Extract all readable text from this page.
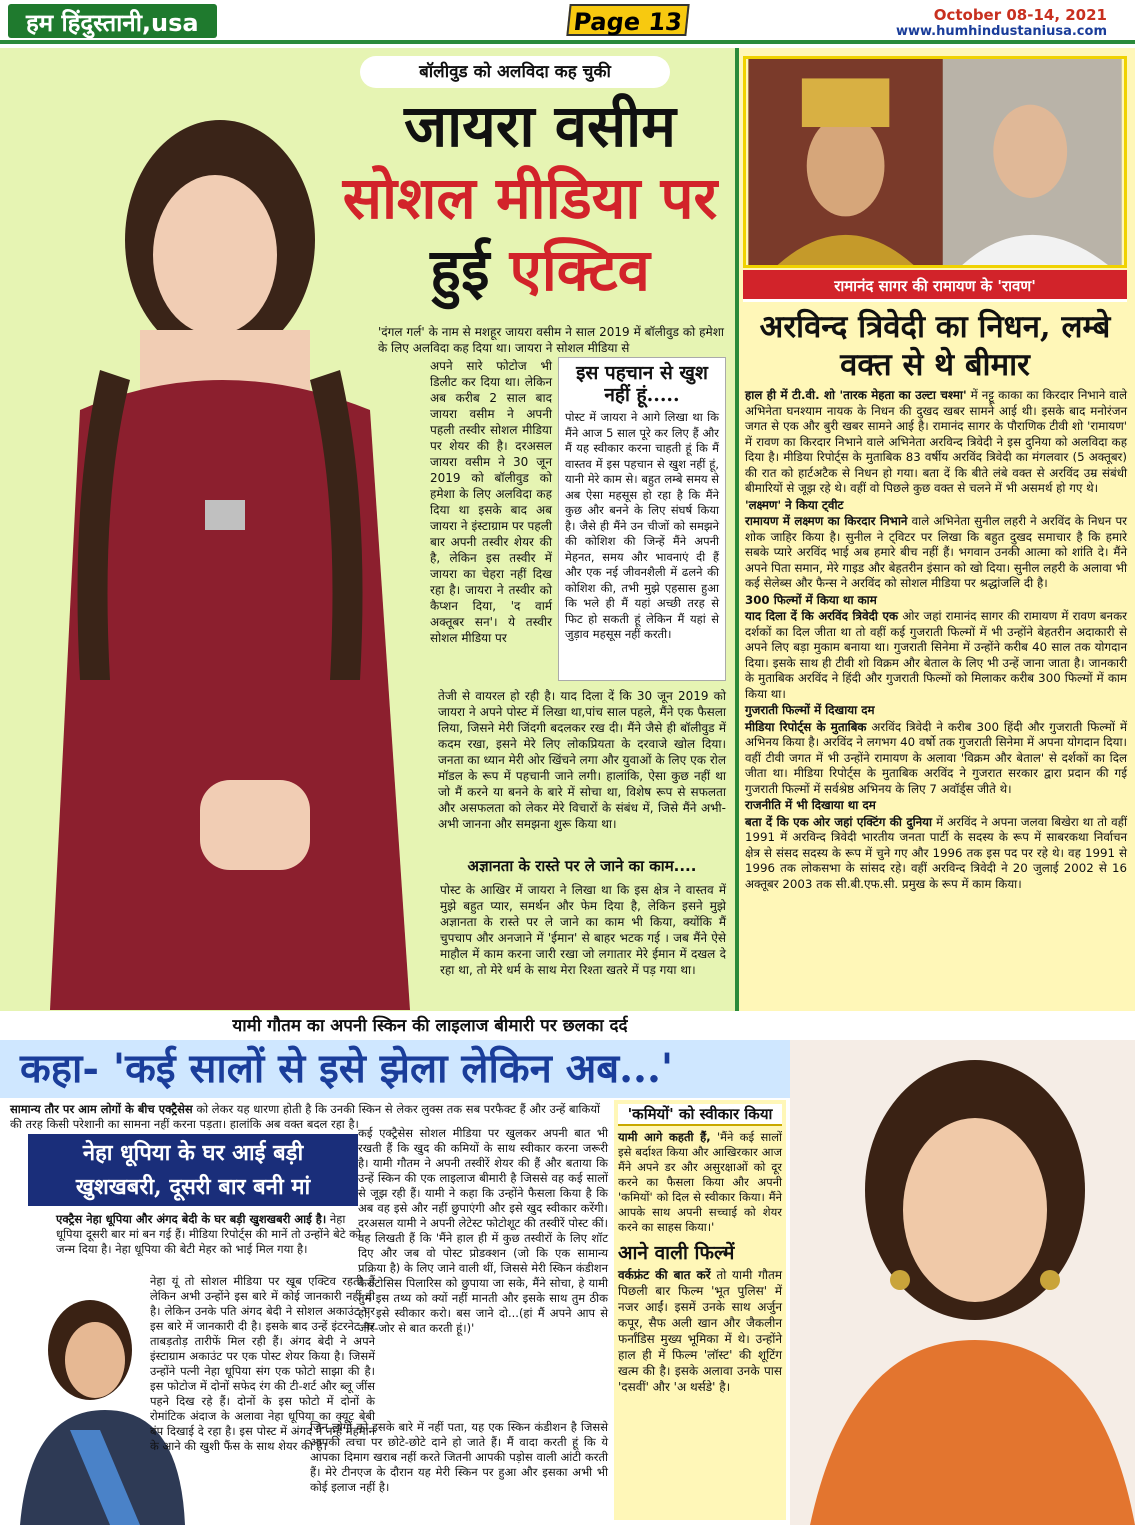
हम हिंदुस्तानी,usa	Page 13	October 08-14, 2021
www.humhindustaniusa.com
बॉलीवुड को अलविदा कह चुकी
जायरा वसीम
सोशल मीडिया पर
हुई एक्टिव
'दंगल गर्ल' के नाम से मशहूर जायरा वसीम ने साल 2019 में बॉलीवुड को हमेशा के लिए अलविदा कह दिया था। जायरा ने सोशल मीडिया से
अपने सारे फोटोज भी डिलीट कर दिया था। लेकिन अब करीब 2 साल बाद जायरा वसीम ने अपनी पहली तस्वीर सोशल मीडिया पर शेयर की है। दरअसल जायरा वसीम ने 30 जून 2019 को बॉलीवुड को हमेशा के लिए अलविदा कह दिया था इसके बाद अब जायरा ने इंस्टाग्राम पर पहली बार अपनी तस्वीर शेयर की है, लेकिन इस तस्वीर में जायरा का चेहरा नहीं दिख रहा है। जायरा ने तस्वीर को कैप्शन दिया, 'द वार्म अक्तूबर सन'। ये तस्वीर सोशल मीडिया पर
इस पहचान से खुश नहीं हूं.....
पोस्ट में जायरा ने आगे लिखा था कि मैंने आज 5 साल पूरे कर लिए हैं और मैं यह स्वीकार करना चाहती हूं कि मैं वास्तव में इस पहचान से खुश नहीं हूं, यानी मेरे काम से। बहुत लम्बे समय से अब ऐसा महसूस हो रहा है कि मैंने कुछ और बनने के लिए संघर्ष किया है। जैसे ही मैंने उन चीजों को समझने की कोशिश की जिन्हें मैंने अपनी मेहनत, समय और भावनाएं दी हैं और एक नई जीवनशैली में ढलने की कोशिश की, तभी मुझे एहसास हुआ कि भले ही मैं यहां अच्छी तरह से फिट हो सकती हूं लेकिन मैं यहां से जुड़ाव महसूस नहीं करती।
तेजी से वायरल हो रही है। याद दिला दें कि 30 जून 2019 को जायरा ने अपने पोस्ट में लिखा था,पांच साल पहले, मैंने एक फैसला लिया, जिसने मेरी जिंदगी बदलकर रख दी। मैंने जैसे ही बॉलीवुड में कदम रखा, इसने मेरे लिए लोकप्रियता के दरवाजे खोल दिया। जनता का ध्यान मेरी ओर खिंचने लगा और युवाओं के लिए एक रोल मॉडल के रूप में पहचानी जाने लगी। हालांकि, ऐसा कुछ नहीं था जो मैं करने या बनने के बारे में सोचा था, विशेष रूप से सफलता और असफलता को लेकर मेरे विचारों के संबंध में, जिसे मैंने अभी-अभी जानना और समझना शुरू किया था।
अज्ञानता के रास्ते पर ले जाने का काम....
पोस्ट के आखिर में जायरा ने लिखा था कि इस क्षेत्र ने वास्तव में मुझे बहुत प्यार, समर्थन और फेम दिया है, लेकिन इसने मुझे अज्ञानता के रास्ते पर ले जाने का काम भी किया, क्योंकि मैं चुपचाप और अनजाने में 'ईमान' से बाहर भटक गई । जब मैंने ऐसे माहौल में काम करना जारी रखा जो लगातार मेरे ईमान में दखल दे रहा था, तो मेरे धर्म के साथ मेरा रिश्ता खतरे में पड़ गया था।
रामानंद सागर की रामायण के 'रावण'
अरविन्द त्रिवेदी का निधन, लम्बे वक्त से थे बीमार

हाल ही में टी.वी. शो 'तारक मेहता का उल्टा चश्मा' में नट्टू काका का किरदार निभाने वाले अभिनेता घनश्याम नायक के निधन की दुखद खबर सामने आई थी। इसके बाद मनोरंजन जगत से एक और बुरी खबर सामने आई है। रामानंद सागर के पौराणिक टीवी शो 'रामायण' में रावण का किरदार निभाने वाले अभिनेता अरविन्द त्रिवेदी ने इस दुनिया को अलविदा कह दिया है। मीडिया रिपोर्ट्स के मुताबिक 83 वर्षीय अरविंद त्रिवेदी का मंगलवार (5 अक्तूबर) की रात को हार्टअटैक से निधन हो गया। बता दें कि बीते लंबे वक्त से अरविंद उम्र संबंधी बीमारियों से जूझ रहे थे। वहीं वो पिछले कुछ वक्त से चलने में भी असमर्थ हो गए थे।

'लक्ष्मण' ने किया ट्वीट

रामायण में लक्ष्मण का किरदार निभाने वाले अभिनेता सुनील लहरी ने अरविंद के निधन पर शोक जाहिर किया है। सुनील ने ट्विटर पर लिखा कि बहुत दुखद समाचार है कि हमारे सबके प्यारे अरविंद भाई अब हमारे बीच नहीं हैं। भगवान उनकी आत्मा को शांति दे। मैंने अपने पिता समान, मेरे गाइड और बेहतरीन इंसान को खो दिया। सुनील लहरी के अलावा भी कई सेलेब्स और फैन्स ने अरविंद को सोशल मीडिया पर श्रद्धांजलि दी है।

300 फिल्मों में किया था काम

याद दिला दें कि अरविंद त्रिवेदी एक ओर जहां रामानंद सागर की रामायण में रावण बनकर दर्शकों का दिल जीता था तो वहीं कई गुजराती फिल्मों में भी उन्होंने बेहतरीन अदाकारी से अपने लिए बड़ा मुकाम बनाया था। गुजराती सिनेमा में उन्होंने करीब 40 साल तक योगदान दिया। इसके साथ ही टीवी शो विक्रम और बेताल के लिए भी उन्हें जाना जाता है। जानकारी के मुताबिक अरविंद ने हिंदी और गुजराती फिल्मों को मिलाकर करीब 300 फिल्मों में काम किया था।

गुजराती फिल्मों में दिखाया दम

मीडिया रिपोर्ट्स के मुताबिक अरविंद त्रिवेदी ने करीब 300 हिंदी और गुजराती फिल्मों में अभिनय किया है। अरविंद ने लगभग 40 वर्षो तक गुजराती सिनेमा में अपना योगदान दिया। वहीं टीवी जगत में भी उन्होंने रामायण के अलावा 'विक्रम और बेताल' से दर्शकों का दिल जीता था। मीडिया रिपोर्ट्स के मुताबिक अरविंद ने गुजरात सरकार द्वारा प्रदान की गई गुजराती फिल्मों में सर्वश्रेष्ठ अभिनय के लिए 7 अवॉर्ड्स जीते थे।

राजनीति में भी दिखाया था दम

बता दें कि एक ओर जहां एक्टिंग की दुनिया में अरविंद ने अपना जलवा बिखेरा था तो वहीं 1991 में अरविन्द त्रिवेदी भारतीय जनता पार्टी के सदस्य के रूप में साबरकथा निर्वाचन क्षेत्र से संसद सदस्य के रूप में चुने गए और 1996 तक इस पद पर रहे थे। वह 1991 से 1996 तक लोकसभा के सांसद रहे। वहीं अरविन्द त्रिवेदी ने 20 जुलाई 2002 से 16 अक्तूबर 2003 तक सी.बी.एफ.सी. प्रमुख के रूप में काम किया।

यामी गौतम का अपनी स्किन की लाइलाज बीमारी पर छलका दर्द
कहा- 'कई सालों से इसे झेला लेकिन अब...'
सामान्य तौर पर आम लोगों के बीच एक्ट्रैसेस को लेकर यह धारणा होती है कि उनकी स्किन से लेकर लुक्स तक सब परफैक्ट हैं और उन्हें बाकियों की तरह किसी परेशानी का सामना नहीं करना पड़ता। हालांकि अब वक्त बदल रहा है।
नेहा धूपिया के घर आई बड़ी
खुशखबरी, दूसरी बार बनी मां
एक्ट्रैस नेहा धूपिया और अंगद बेदी के घर बड़ी खुशखबरी आई है। नेहा धूपिया दूसरी बार मां बन गई हैं। मीडिया रिपोर्ट्स की मानें तो उन्होंने बेटे को जन्म दिया है। नेहा धूपिया की बेटी मेहर को भाई मिल गया है।
नेहा यूं तो सोशल मीडिया पर खूब एक्टिव रहती हैं लेकिन अभी उन्होंने इस बारे में कोई जानकारी नहीं दी है। लेकिन उनके पति अंगद बेदी ने सोशल अकाउंट पर इस बारे में जानकारी दी है। इसके बाद उन्हें इंटरनेट पर ताबड़तोड़ तारीफें मिल रही हैं। अंगद बेदी ने अपने इंस्टाग्राम अकाउंट पर एक पोस्ट शेयर किया है। जिसमें उन्होंने पत्नी नेहा धूपिया संग एक फोटो साझा की है। इस फोटोज में दोनों सफेद रंग की टी-शर्ट और ब्लू जींस पहने दिख रहे हैं। दोनों के इस फोटो में दोनों के रोमांटिक अंदाज के अलावा नेहा धूपिया का क्यूट बेबी बंप दिखाई दे रहा है। इस पोस्ट में अंगद ने नन्हे मेहमान के आने की खुशी फैंस के साथ शेयर की है।
कई एक्ट्रैसेस सोशल मीडिया पर खुलकर अपनी बात भी रखती हैं कि खुद की कमियों के साथ स्वीकार करना जरूरी है। यामी गौतम ने अपनी तस्वीरें शेयर की हैं और बताया कि उन्हें स्किन की एक लाइलाज बीमारी है जिससे वह कई सालों से जूझ रही हैं। यामी ने कहा कि उन्होंने फैसला किया है कि अब वह इसे और नहीं छुपाएंगी और इसे खुद स्वीकार करेंगी। दरअसल यामी ने अपनी लेटेस्ट फोटोशूट की तस्वीरें पोस्ट कीं। वह लिखती हैं कि 'मैंने हाल ही में कुछ तस्वीरों के लिए शॉट दिए और जब वो पोस्ट प्रोडक्शन (जो कि एक सामान्य प्रक्रिया है) के लिए जाने वाली थीं, जिससे मेरी स्किन कंडीशन केराटोसिस पिलारिस को छुपाया जा सके, मैंने सोचा, हे यामी तुम इस तथ्य को क्यों नहीं मानती और इसके साथ तुम ठीक हो, इसे स्वीकार करो। बस जाने दो...(हां मैं अपने आप से जोर-जोर से बात करती हूं।)'
जिन लोगों को इसके बारे में नहीं पता, यह एक स्किन कंडीशन है जिससे आपकी त्वचा पर छोटे-छोटे दाने हो जाते हैं। मैं वादा करती हूं कि ये आपका दिमाग खराब नहीं करते जितनी आपकी पड़ोस वाली आंटी करती हैं। मेरे टीनएज के दौरान यह मेरी स्किन पर हुआ और इसका अभी भी कोई इलाज नहीं है।
'कमियों' को स्वीकार किया
यामी आगे कहती हैं, 'मैंने कई सालों इसे बर्दाश्त किया और आखिरकार आज मैंने अपने डर और असुरक्षाओं को दूर करने का फैसला किया और अपनी 'कमियों' को दिल से स्वीकार किया। मैंने आपके साथ अपनी सच्चाई को शेयर करने का साहस किया।'
आने वाली फिल्में
वर्कफ्रंट की बात करें तो यामी गौतम पिछली बार फिल्म 'भूत पुलिस' में नजर आईं। इसमें उनके साथ अर्जुन कपूर, सैफ अली खान और जैकलीन फर्नांडिस मुख्य भूमिका में थे। उन्होंने हाल ही में फिल्म 'लॉस्ट' की शूटिंग खत्म की है। इसके अलावा उनके पास 'दसवीं' और 'अ थर्सडे' है।
